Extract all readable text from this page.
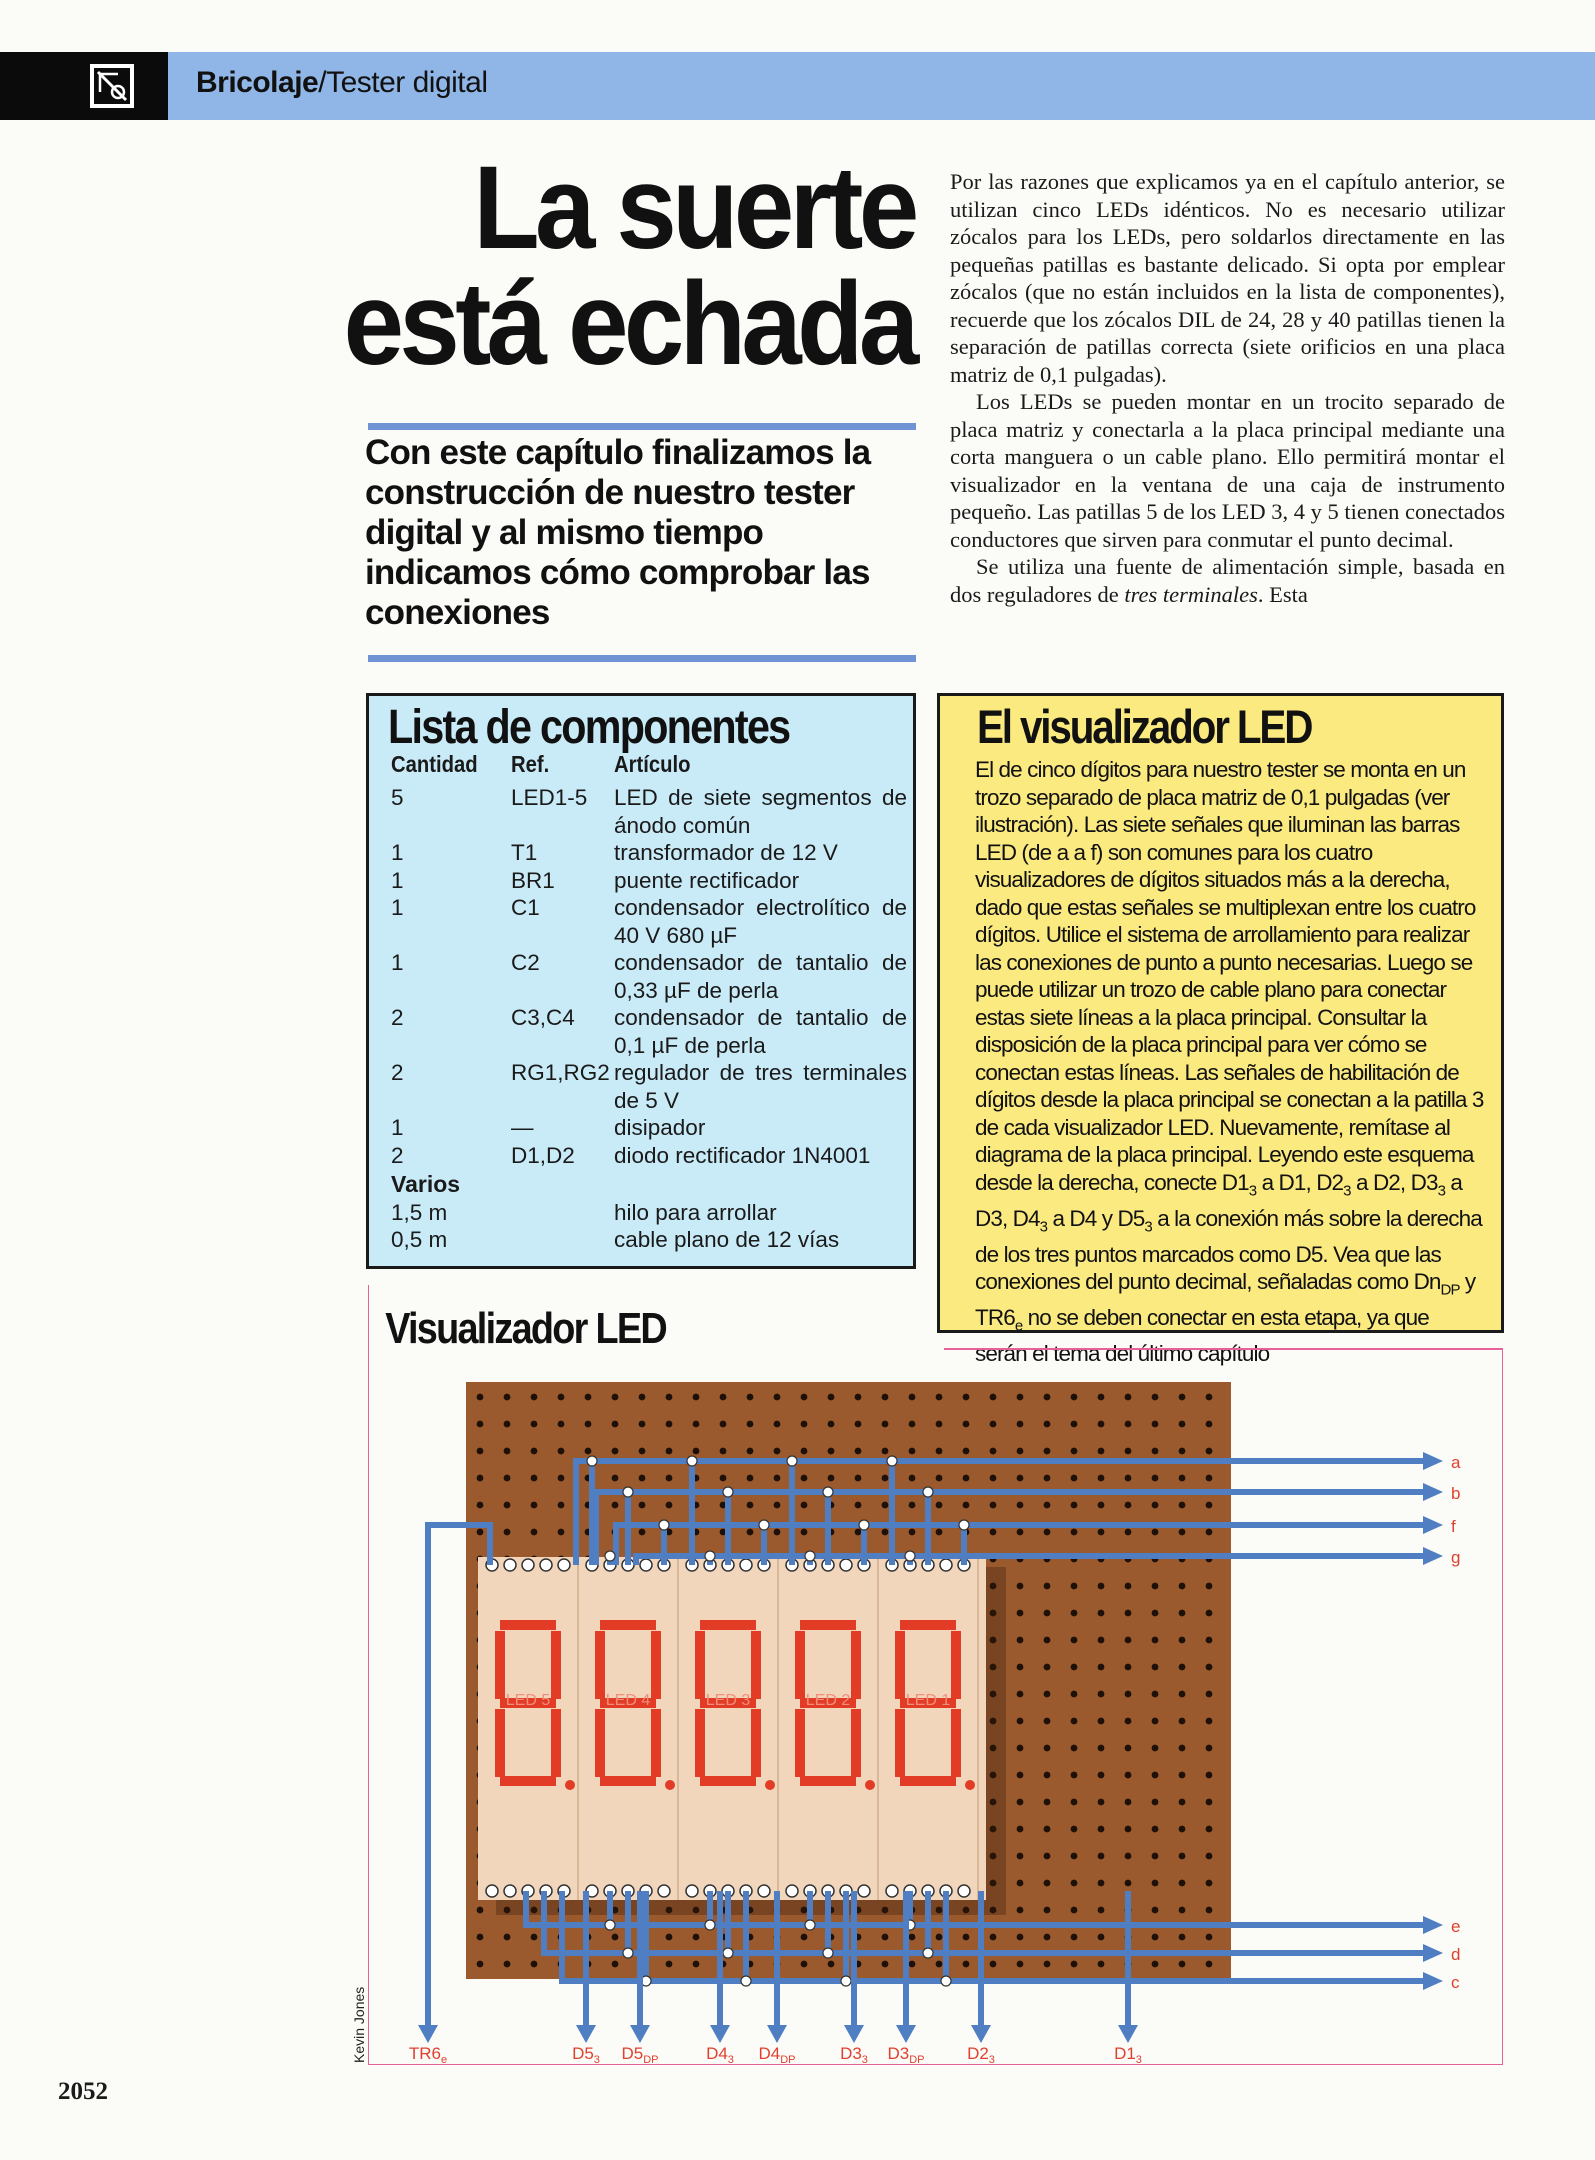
Bricolaje/Tester digital
La suerte
está echada
Con este capítulo finalizamos la construcción de nuestro tester digital y al mismo tiempo indicamos cómo comprobar las conexiones

Por las razones que explicamos ya en el capítulo anterior, se utilizan cinco LEDs idénticos. No es necesario utilizar zócalos para los LEDs, pero soldarlos directamente en las pequeñas patillas es bastante delicado. Si opta por emplear zócalos (que no están incluidos en la lista de componentes), recuerde que los zócalos DIL de 24, 28 y 40 patillas tienen la separación de patillas correcta (siete orificios en una placa matriz de 0,1 pulgadas).

Los LEDs se pueden montar en un trocito separado de placa matriz y conectarla a la placa principal mediante una corta manguera o un cable plano. Ello permitirá montar el visualizador en la ventana de una caja de instrumento pequeño. Las patillas 5 de los LED 3, 4 y 5 tienen conectados conductores que sirven para conmutar el punto decimal.

Se utiliza una fuente de alimentación simple, basada en dos reguladores de tres terminales. Esta

Lista de componentes
Cantidad Ref.	Artículo
5	LED1-5	LED de siete segmentos de ánodo común
1	T1	transformador de 12 V
1	BR1	puente rectificador
1	C1	condensador electrolítico de 40 V 680 µF
1	C2	condensador de tantalio de 0,33 µF de perla
2	C3,C4	condensador de tantalio de 0,1 µF de perla
2	RG1,RG2 regulador de tres terminales de 5 V
1	—	disipador
2	D1,D2	diodo rectificador 1N4001
Varios
1,5 m	hilo para arrollar
0,5 m	cable plano de 12 vías
El visualizador LED
El de cinco dígitos para nuestro tester se monta en un trozo separado de placa matriz de 0,1 pulgadas (ver ilustración). Las siete señales que iluminan las barras LED (de a a f) son comunes para los cuatro visualizadores de dígitos situados más a la derecha, dado que estas señales se multiplexan entre los cuatro dígitos. Utilice el sistema de arrollamiento para realizar las conexiones de punto a punto necesarias. Luego se puede utilizar un trozo de cable plano para conectar estas siete líneas a la placa principal. Consultar la disposición de la placa principal para ver cómo se conectan estas líneas. Las señales de habilitación de dígitos desde la placa principal se conectan a la patilla 3 de cada visualizador LED. Nuevamente, remítase al diagrama de la placa principal. Leyendo este esquema desde la derecha, conecte $D1_3$ a D1, $D2_3$ a D2, $D3_3$ a D3, $D4_3$ a D4 y $D5_3$ a la conexión más sobre la derecha de los tres puntos marcados como D5. Vea que las conexiones del punto decimal, señaladas como $Dn_{DP}$ y $TR6_e$ no se deben conectar en esta etapa, ya que serán el tema del último capítulo
Visualizador LED
LED 5	LED 4	LED 3	LED 2	LED 1
a
b
f
g
e
d
c
$TR6_e$	$D5_3$ $D5_{DP}$	$D4_3$ $D4_{DP}$	$D3_3$ $D3_{DP}$	$D2_3$	$D1_3$
Kevin Jones
2052
